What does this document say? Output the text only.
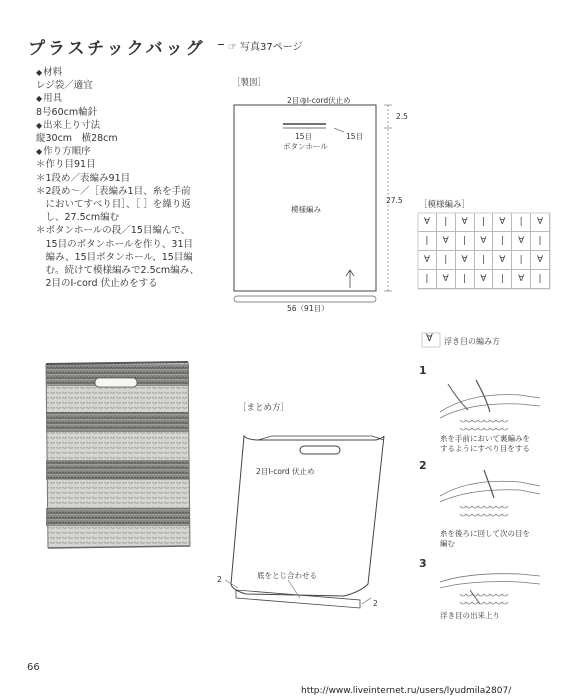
プラスチックバッグ ☞ 写真37ページ
◆ 材料
レジ袋／適宜
◆ 用具
8号60cm輪針
◆ 出来上り寸法
縦30cm　横28cm
◆ 作り方順序
＊作り目91目
＊1段め／表編み91目
＊2段め～／［表編み1目、糸を手前
　においてすべり目］、［ ］を繰り返
　し、27.5cm編む
＊ボタンホールの段／15目編んで、
　15目のボタンホールを作り、31目
　編み、15目ボタンホール、15目編
　む。続けて模様編みで2.5cm編み、
　2目のI-cord 伏止めをする
［製図］
2目のI-cord伏止め
15目	15目
ボタンホール
模様編み
2.5
27.5
56（91目）
［模様編み］
∀	|	∀	|	∀	|	∀
|	∀	|	∀	|	∀	|
∀	|	∀	|	∀	|	∀
|	∀	|	∀	|	∀	|
∀ 浮き目の編み方
1
糸を手前において裏編みを
するようにすべり目をする
2
糸を後ろに回して次の目を
編む
3
浮き目の出来上り
［まとめ方］
2目I-cord 伏止め
底をとじ合わせる
2
2
66
http://www.liveinternet.ru/users/lyudmila2807/
